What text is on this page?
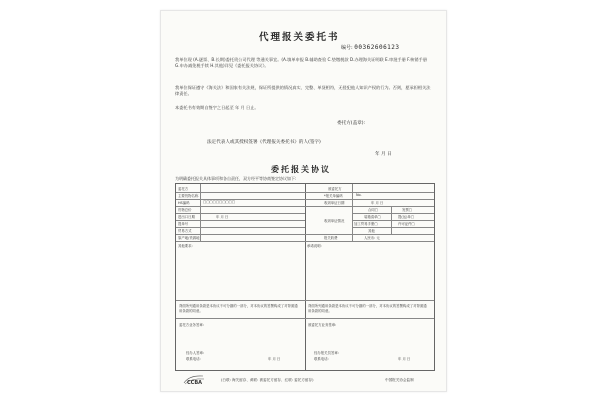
代理报关委托书
编号: 00362606123
我单位现 (A.逐票、B.长期)委托贵公司代理 等通关事宜。(A.填单申报 B.辅助查验 C.垫缴税款 D.办理海关证明联 E.审批手册 F.核销手册 G.申办减免税手续 H.其他)详见《委托报关协议》。
我单位保证遵守《海关法》和国家有关法规，保证所提供的情况真实、完整、单货相符，无侵犯他人知识产权的行为。否则，愿承担相关法律责任。
本委托书有效期自签字之日起至 年 月 日止。
委托方(盖章):
法定代表人或其授权签署《代理报关委托书》的人(签字)
年 月 日
委托报关协议
为明确委托报关具体事项和各自责任，双方经平等协商签定协议如下:
委托方
主要货物名称
HS编码	□□□□□□□□□□
货物总价
进出口日期	年 月 日
提单号
贸易方式
原产地/货源地
其他要求:
被委托方
*报关单编码	No.
收到单证日期	年 月 日
收到单证情况
合同□	发票□
装箱清单□	提(运)单□
加工贸易手册□	许可证件□
其他
报关收费	人民币: 元
承诺说明:
背面所列通用条款是本协议不可分割的一部分，对本协议的签署构成了对背面通用条款的同意。
背面所列通用条款是本协议不可分割的一部分，对本协议的签署构成了对背面通用条款的同意。
委托方业务签章:	被委托方业务签章:
经办人签章:
联系电话:	年 月 日
经办报关员签章:
联系电话:	年 月 日
CCBA	(白联: 海关留存、黄联: 被委托方留存、红联: 委托方留存)	中国报关协会监制
